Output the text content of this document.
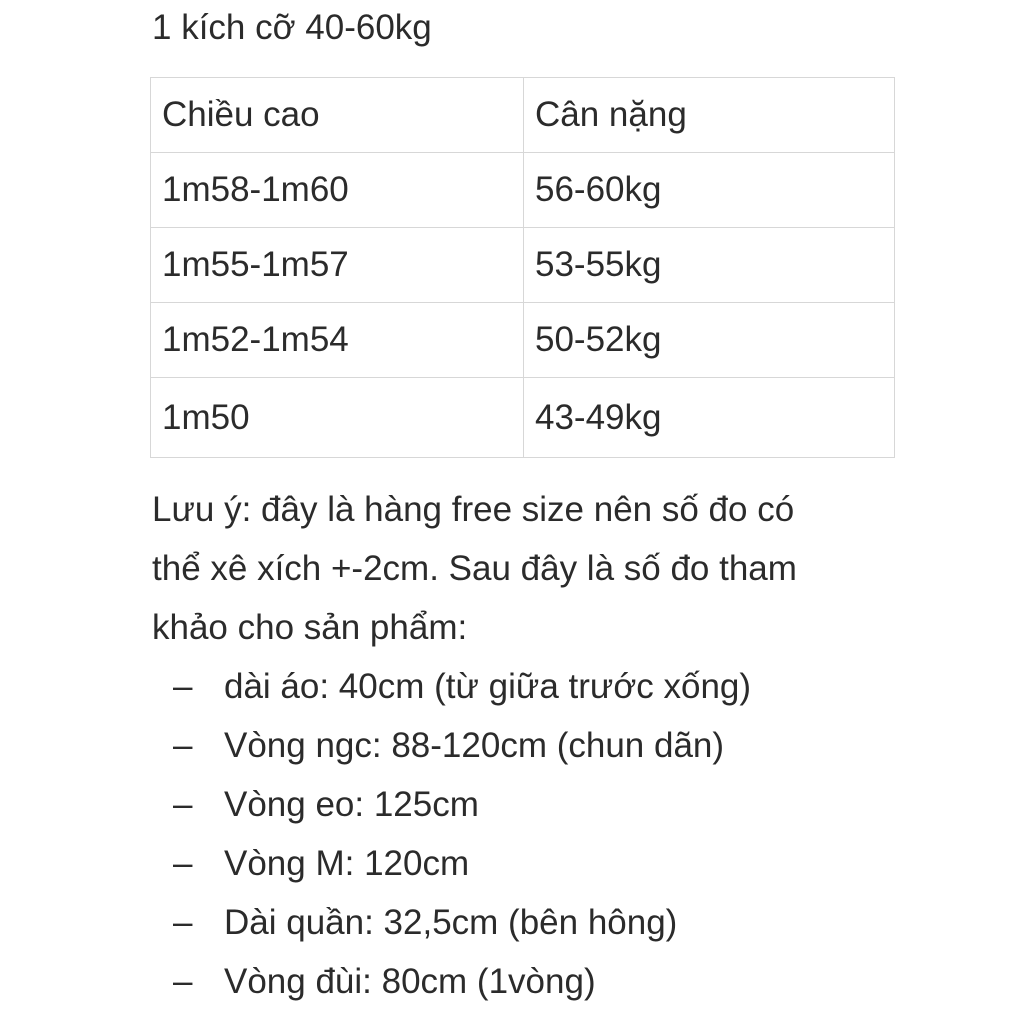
1 kích cỡ 40-60kg
Chiều cao	Cân nặng
1m58-1m60	56-60kg
1m55-1m57	53-55kg
1m52-1m54	50-52kg
1m50	43-49kg

Lưu ý: đây là hàng free size nên số đo có

thể xê xích +-2cm. Sau đây là số đo tham

khảo cho sản phẩm:

– dài áo: 40cm (từ giữa trước xống)
– Vòng ngc: 88-120cm (chun dãn)
– Vòng eo: 125cm
– Vòng M: 120cm
– Dài quần: 32,5cm (bên hông)
– Vòng đùi: 80cm (1vòng)
